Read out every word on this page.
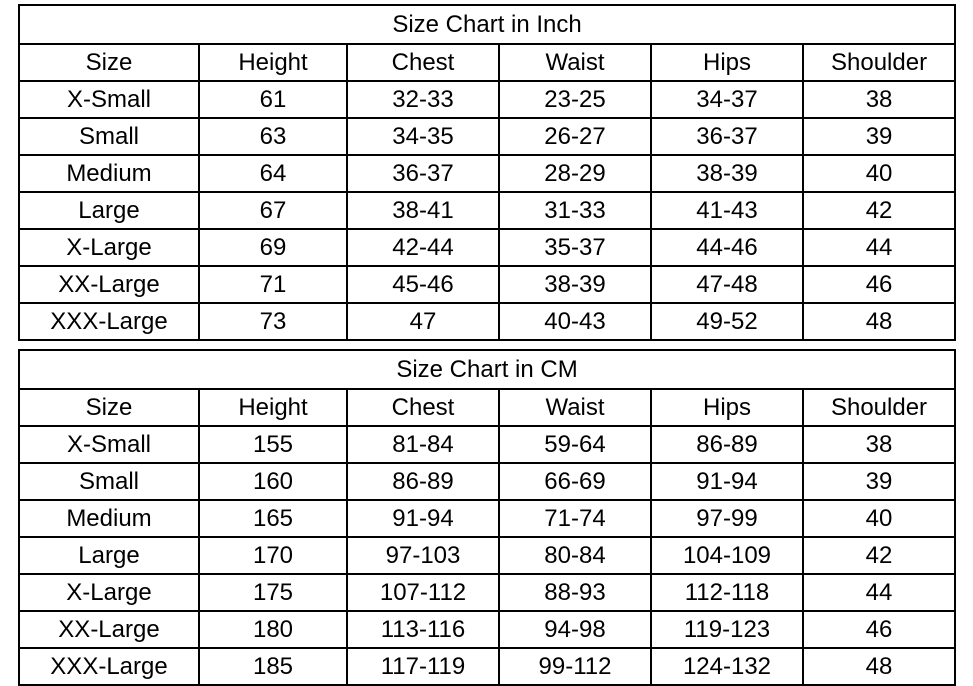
Size Chart in Inch					
Size	Height	Chest	Waist	Hips	Shoulder
X-Small	61	32-33	23-25	34-37	38
Small	63	34-35	26-27	36-37	39
Medium	64	36-37	28-29	38-39	40
Large	67	38-41	31-33	41-43	42
X-Large	69	42-44	35-37	44-46	44
XX-Large	71	45-46	38-39	47-48	46
XXX-Large	73	47	40-43	49-52	48
Size Chart in CM					
Size	Height	Chest	Waist	Hips	Shoulder
X-Small	155	81-84	59-64	86-89	38
Small	160	86-89	66-69	91-94	39
Medium	165	91-94	71-74	97-99	40
Large	170	97-103	80-84	104-109	42
X-Large	175	107-112	88-93	112-118	44
XX-Large	180	113-116	94-98	119-123	46
XXX-Large	185	117-119	99-112	124-132	48
